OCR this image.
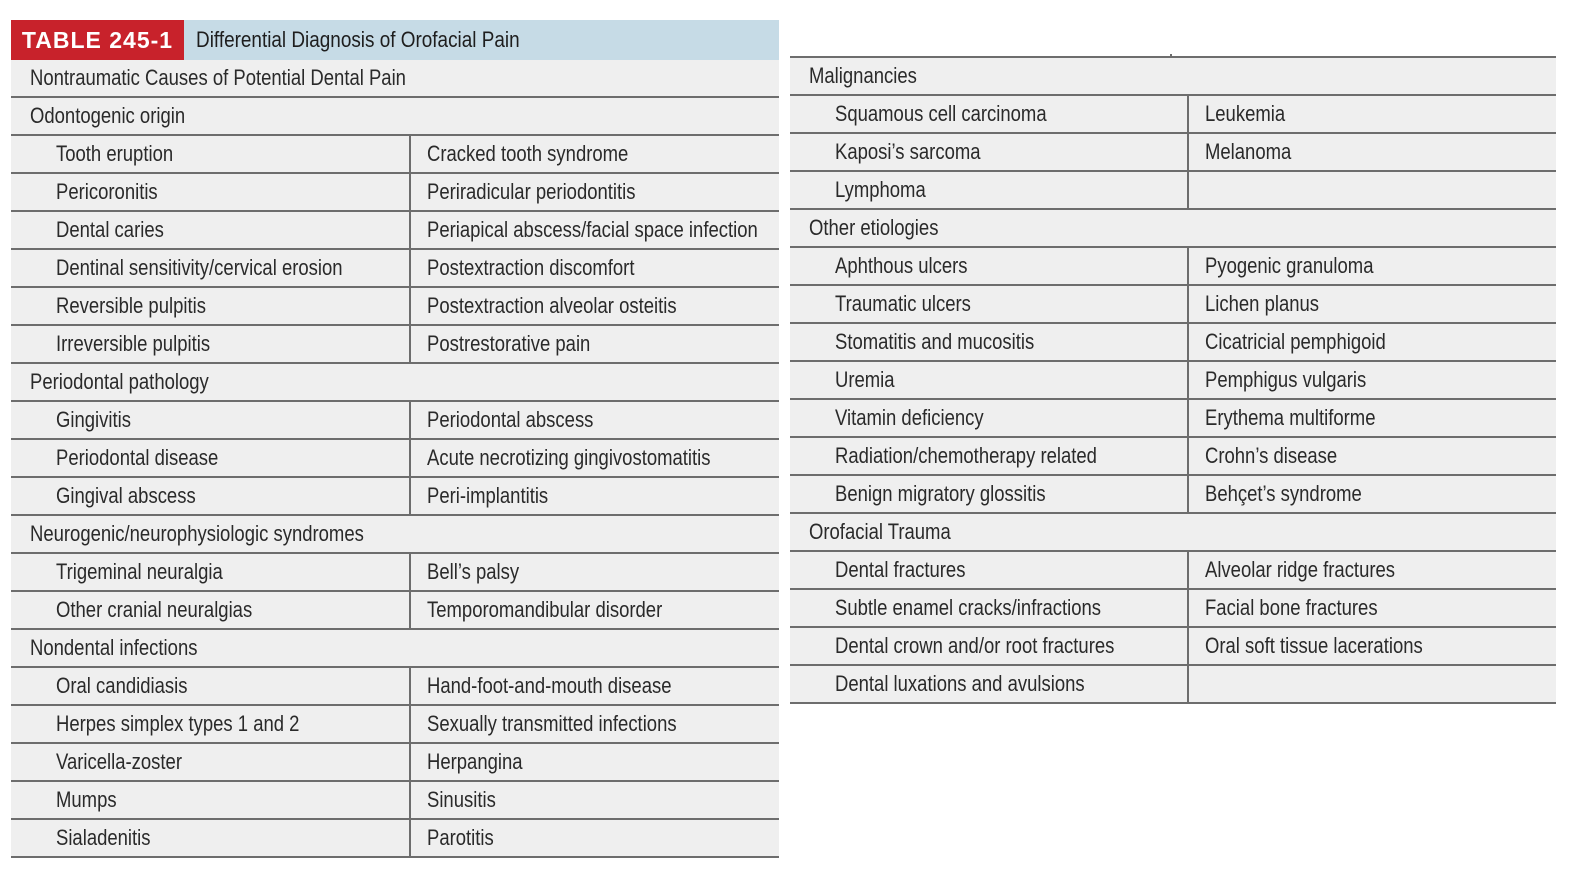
TABLE 245-1	Differential Diagnosis of Orofacial Pain
Nontraumatic Causes of Potential Dental Pain
Odontogenic origin
Tooth eruption	Cracked tooth syndrome
Pericoronitis	Periradicular periodontitis
Dental caries	Periapical abscess/facial space infection
Dentinal sensitivity/cervical erosion	Postextraction discomfort
Reversible pulpitis	Postextraction alveolar osteitis
Irreversible pulpitis	Postrestorative pain
Periodontal pathology
Gingivitis	Periodontal abscess
Periodontal disease	Acute necrotizing gingivostomatitis
Gingival abscess	Peri-implantitis
Neurogenic/neurophysiologic syndromes
Trigeminal neuralgia	Bell’s palsy
Other cranial neuralgias	Temporomandibular disorder
Nondental infections
Oral candidiasis	Hand-foot-and-mouth disease
Herpes simplex types 1 and 2	Sexually transmitted infections
Varicella-zoster	Herpangina
Mumps	Sinusitis
Sialadenitis	Parotitis
Malignancies
Squamous cell carcinoma	Leukemia
Kaposi’s sarcoma	Melanoma
Lymphoma
Other etiologies
Aphthous ulcers	Pyogenic granuloma
Traumatic ulcers	Lichen planus
Stomatitis and mucositis	Cicatricial pemphigoid
Uremia	Pemphigus vulgaris
Vitamin deficiency	Erythema multiforme
Radiation/chemotherapy related	Crohn’s disease
Benign migratory glossitis	Behçet’s syndrome
Orofacial Trauma
Dental fractures	Alveolar ridge fractures
Subtle enamel cracks/infractions	Facial bone fractures
Dental crown and/or root fractures	Oral soft tissue lacerations
Dental luxations and avulsions
